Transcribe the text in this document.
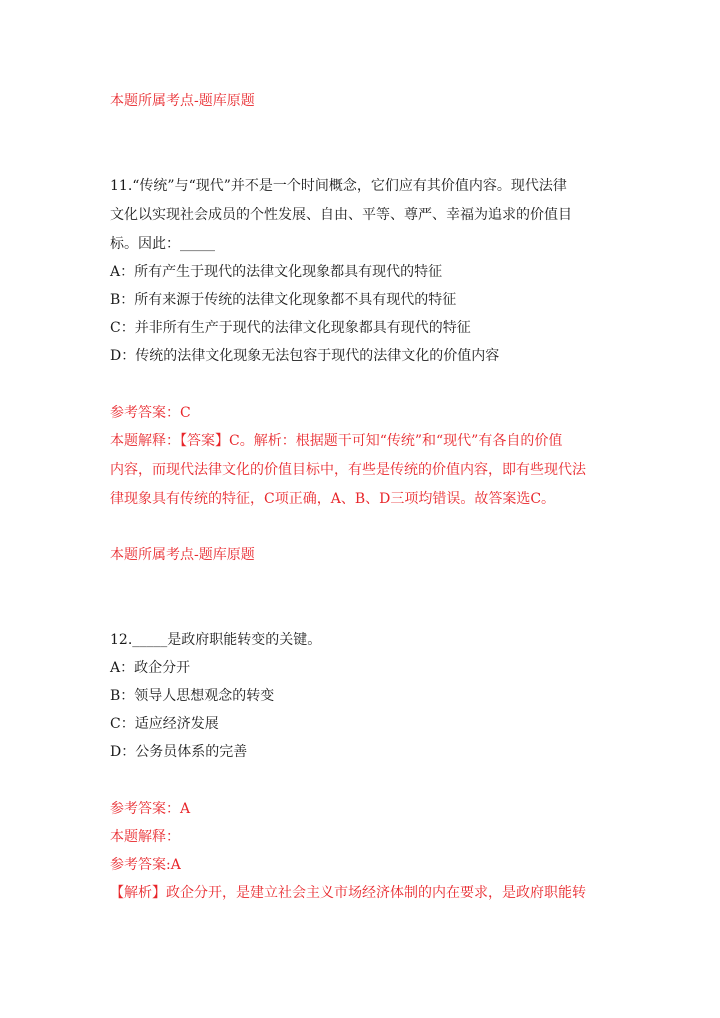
本题所属考点-题库原题
11.“传统”与“现代”并不是一个时间概念，它们应有其价值内容。现代法律
文化以实现社会成员的个性发展、自由、平等、尊严、幸福为追求的价值目
标。因此：_____
A：所有产生于现代的法律文化现象都具有现代的特征
B：所有来源于传统的法律文化现象都不具有现代的特征
C：并非所有生产于现代的法律文化现象都具有现代的特征
D：传统的法律文化现象无法包容于现代的法律文化的价值内容
参考答案：C
本题解释：【答案】C。解析：根据题干可知“传统”和“现代”有各自的价值
内容，而现代法律文化的价值目标中，有些是传统的价值内容，即有些现代法
律现象具有传统的特征，C项正确，A、B、D三项均错误。故答案选C。
本题所属考点-题库原题
12._____是政府职能转变的关键。
A：政企分开
B：领导人思想观念的转变
C：适应经济发展
D：公务员体系的完善
参考答案：A
本题解释：
参考答案:A
【解析】政企分开，是建立社会主义市场经济体制的内在要求，是政府职能转
